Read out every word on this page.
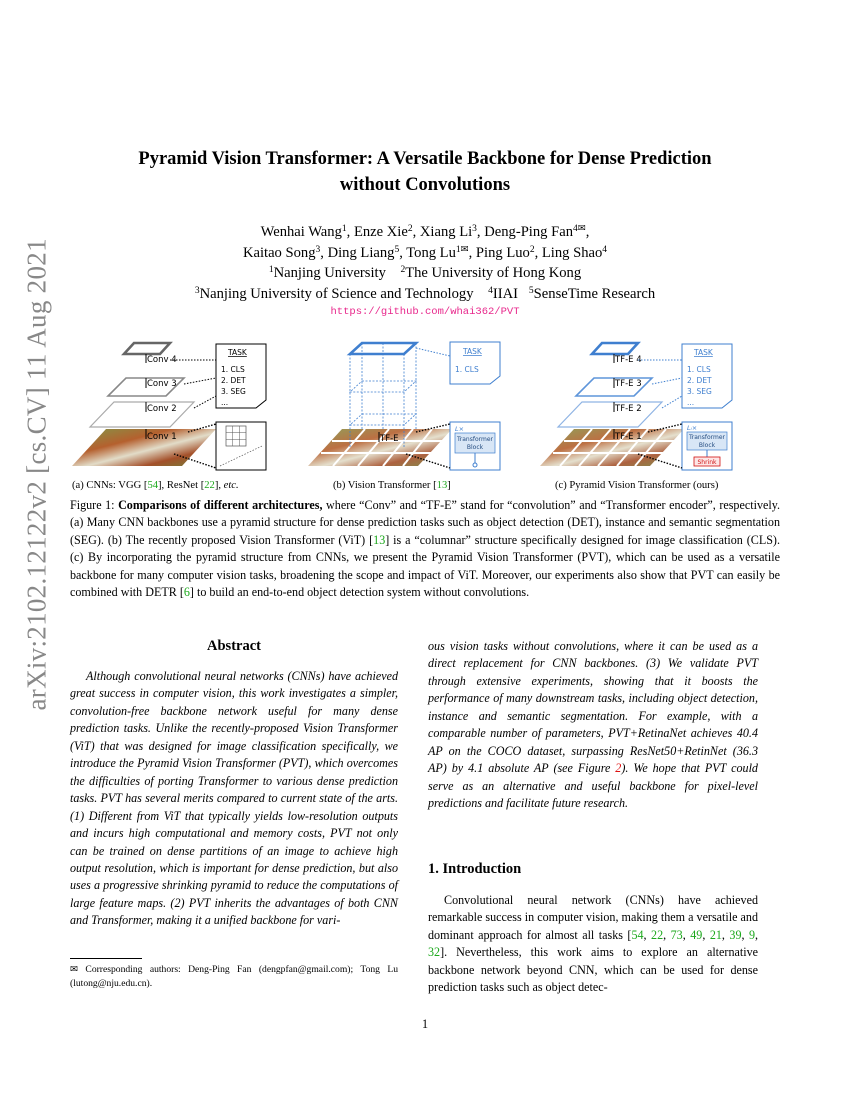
arXiv:2102.12122v2 [cs.CV] 11 Aug 2021
Pyramid Vision Transformer: A Versatile Backbone for Dense Prediction
without Convolutions
Wenhai Wang$^1$, Enze Xie$^2$, Xiang Li$^3$, Deng-Ping Fan$^{4✉}$,
Kaitao Song$^3$, Ding Liang$^5$, Tong $Lu^{1✉}$, Ping Luo$^2$, Ling Shao$^4$
$^1$Nanjing University $^2$The University of Hong Kong
$^3$Nanjing University of Science and Technology $^4$IIAI $^5$SenseTime Research
https://github.com/whai362/PVT
Conv 4
Conv 3
Conv 2
Conv 1
TASK
1. CLS
2. DET
3. SEG
...
TF-E
TASK
1. CLS
L×
Transformer
Block
TF-E 4
TF-E 3
TF-E 2
TF-E 1
TASK
1. CLS
2. DET
3. SEG
...
Lᵢ×
Transformer
Block
Shrink
(a) CNNs: VGG [54], ResNet [22], etc.	(b) Vision Transformer [13]	(c) Pyramid Vision Transformer (ours)
Figure 1: Comparisons of different architectures, where “Conv” and “TF-E” stand for “convolution” and “Transformer encoder”, respectively. (a) Many CNN backbones use a pyramid structure for dense prediction tasks such as object detection (DET), instance and semantic segmentation (SEG). (b) The recently proposed Vision Transformer (ViT) [13] is a “columnar” structure specifically designed for image classification (CLS). (c) By incorporating the pyramid structure from CNNs, we present the Pyramid Vision Transformer (PVT), which can be used as a versatile backbone for many computer vision tasks, broadening the scope and impact of ViT. Moreover, our experiments also show that PVT can easily be combined with DETR [6] to build an end-to-end object detection system without convolutions.
Abstract

Although convolutional neural networks (CNNs) have achieved great success in computer vision, this work investigates a simpler, convolution-free backbone network useful for many dense prediction tasks. Unlike the recently-proposed Vision Transformer (ViT) that was designed for image classification specifically, we introduce the Pyramid Vision Transformer (PVT), which overcomes the difficulties of porting Transformer to various dense prediction tasks. PVT has several merits compared to current state of the arts. (1) Different from ViT that typically yields low-resolution outputs and incurs high computational and memory costs, PVT not only can be trained on dense partitions of an image to achieve high output resolution, which is important for dense prediction, but also uses a progressive shrinking pyramid to reduce the computations of large feature maps. (2) PVT inherits the advantages of both CNN and Transformer, making it a unified backbone for vari-

ous vision tasks without convolutions, where it can be used as a direct replacement for CNN backbones. (3) We validate PVT through extensive experiments, showing that it boosts the performance of many downstream tasks, including object detection, instance and semantic segmentation. For example, with a comparable number of parameters, PVT+RetinaNet achieves 40.4 AP on the COCO dataset, surpassing ResNet50+RetinNet (36.3 AP) by 4.1 absolute AP (see Figure 2). We hope that PVT could serve as an alternative and useful backbone for pixel-level predictions and facilitate future research.
1. Introduction

Convolutional neural network (CNNs) have achieved remarkable success in computer vision, making them a versatile and dominant approach for almost all tasks [54, 22, 73, 49, 21, 39, 9, 32]. Nevertheless, this work aims to explore an alternative backbone network beyond CNN, which can be used for dense prediction tasks such as object detec-

✉ Corresponding authors: Deng-Ping Fan (dengpfan@gmail.com); Tong Lu (lutong@nju.edu.cn).
1
